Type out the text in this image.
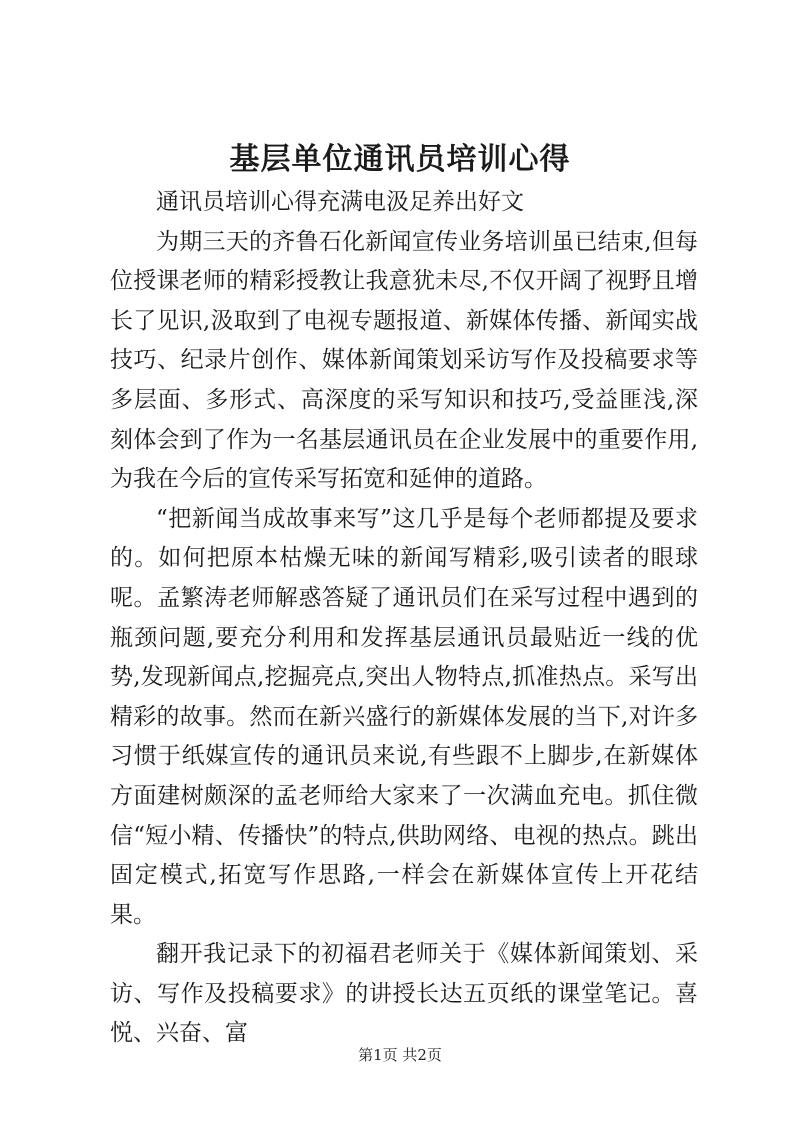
基层单位通讯员培训心得

通讯员培训心得充满电汲足养出好文

为期三天的齐鲁石化新闻宣传业务培训虽已结束,但每位授课老师的精彩授教让我意犹未尽,不仅开阔了视野且增长了见识,汲取到了电视专题报道、新媒体传播、新闻实战技巧、纪录片创作、媒体新闻策划采访写作及投稿要求等多层面、多形式、高深度的采写知识和技巧,受益匪浅,深刻体会到了作为一名基层通讯员在企业发展中的重要作用,为我在今后的宣传采写拓宽和延伸的道路。

“把新闻当成故事来写”这几乎是每个老师都提及要求的。如何把原本枯燥无味的新闻写精彩,吸引读者的眼球呢。孟繁涛老师解惑答疑了通讯员们在采写过程中遇到的瓶颈问题,要充分利用和发挥基层通讯员最贴近一线的优势,发现新闻点,挖掘亮点,突出人物特点,抓准热点。采写出精彩的故事。然而在新兴盛行的新媒体发展的当下,对许多习惯于纸媒宣传的通讯员来说,有些跟不上脚步,在新媒体方面建树颇深的孟老师给大家来了一次满血充电。抓住微信“短小精、传播快”的特点,供助网络、电视的热点。跳出固定模式,拓宽写作思路,一样会在新媒体宣传上开花结果。

翻开我记录下的初福君老师关于《媒体新闻策划、采访、写作及投稿要求》的讲授长达五页纸的课堂笔记。喜悦、兴奋、富

第1页 共2页
